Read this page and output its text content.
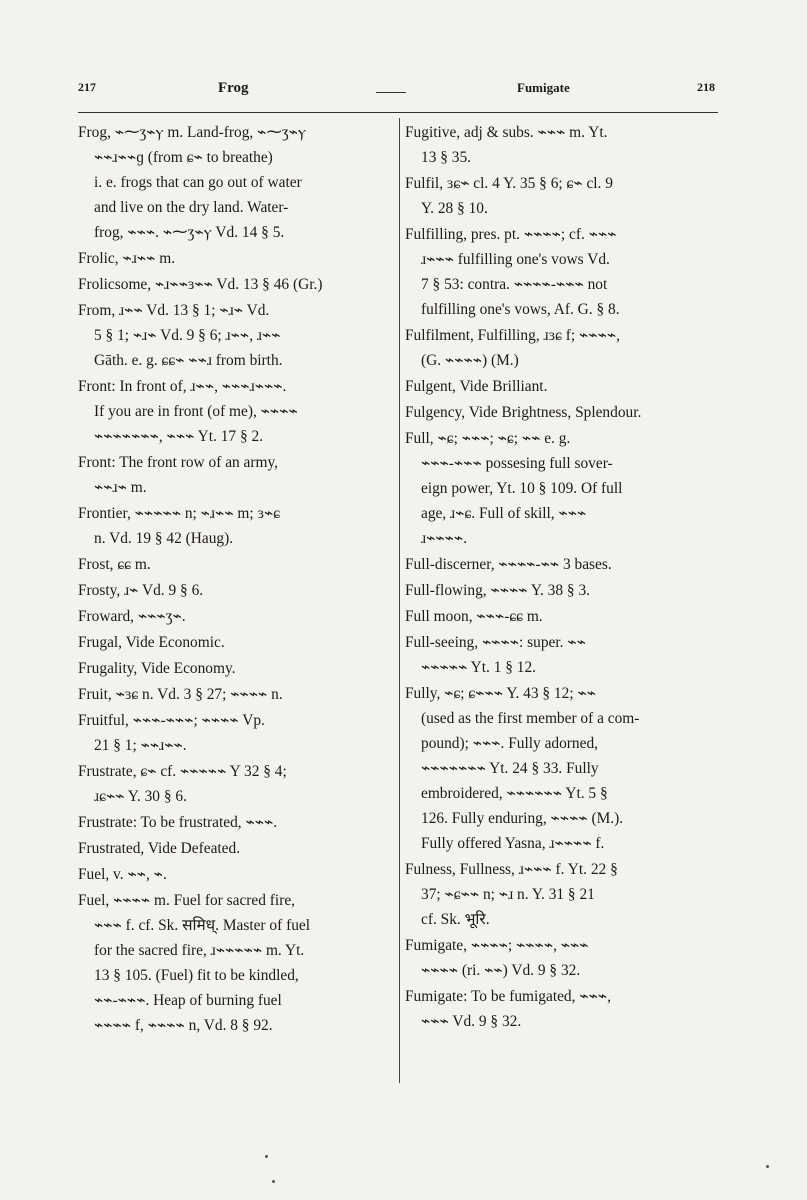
217	Frog	Fumigate	218
Frog, ⌁⁓ʒ⌁ⲩ m. Land-frog, ⌁⁓ʒ⌁ⲩ
⌁⌁ɹ⌁⌁ɡ (from ɕ⌁ to breathe)
i. e. frogs that can go out of water
and live on the dry land. Water-
frog, ⌁⌁⌁. ⌁⁓ʒ⌁ⲩ Vd. 14 § 5.
Frolic, ⌁ɹ⌁⌁ m.
Frolicsome, ⌁ɹ⌁⌁ɜ⌁⌁ Vd. 13 § 46 (Gr.)
From, ɹ⌁⌁ Vd. 13 § 1; ⌁ɹ⌁ Vd.
5 § 1; ⌁ɹ⌁ Vd. 9 § 6; ɹ⌁⌁, ɹ⌁⌁
Gāth. e. g. ɕɕ⌁ ⌁⌁ɹ from birth.
Front: In front of, ɹ⌁⌁, ⌁⌁⌁ɹ⌁⌁⌁.
If you are in front (of me), ⌁⌁⌁⌁
⌁⌁⌁⌁⌁⌁⌁, ⌁⌁⌁ Yt. 17 § 2.
Front: The front row of an army,
⌁⌁ɹ⌁ m.
Frontier, ⌁⌁⌁⌁⌁ n; ⌁ɹ⌁⌁ m; ɜ⌁ɕ
n. Vd. 19 § 42 (Haug).
Frost, ɕɕ m.
Frosty, ɹ⌁ Vd. 9 § 6.
Froward, ⌁⌁⌁ʒ⌁.
Frugal, Vide Economic.
Frugality, Vide Economy.
Fruit, ⌁ɜɕ n. Vd. 3 § 27; ⌁⌁⌁⌁ n.
Fruitful, ⌁⌁⌁-⌁⌁⌁; ⌁⌁⌁⌁ Vp.
21 § 1; ⌁⌁ɹ⌁⌁.
Frustrate, ɕ⌁ cf. ⌁⌁⌁⌁⌁ Y 32 § 4;
ɹɕ⌁⌁ Y. 30 § 6.
Frustrate: To be frustrated, ⌁⌁⌁.
Frustrated, Vide Defeated.
Fuel, v. ⌁⌁, ⌁.
Fuel, ⌁⌁⌁⌁ m. Fuel for sacred fire,
⌁⌁⌁ f. cf. Sk. समिध्. Master of fuel
for the sacred fire, ɹ⌁⌁⌁⌁⌁ m. Yt.
13 § 105. (Fuel) fit to be kindled,
⌁⌁-⌁⌁⌁. Heap of burning fuel
⌁⌁⌁⌁ f, ⌁⌁⌁⌁ n, Vd. 8 § 92.
Fugitive, adj & subs. ⌁⌁⌁ m. Yt.
13 § 35.
Fulfil, ɜɕ⌁ cl. 4 Y. 35 § 6; ɕ⌁ cl. 9
Y. 28 § 10.
Fulfilling, pres. pt. ⌁⌁⌁⌁; cf. ⌁⌁⌁
ɹ⌁⌁⌁ fulfilling one's vows Vd.
7 § 53: contra. ⌁⌁⌁⌁-⌁⌁⌁ not
fulfilling one's vows, Af. G. § 8.
Fulfilment, Fulfilling, ɹɜɕ f; ⌁⌁⌁⌁,
(G. ⌁⌁⌁⌁) (M.)
Fulgent, Vide Brilliant.
Fulgency, Vide Brightness, Splendour.
Full, ⌁ɕ; ⌁⌁⌁; ⌁ɕ; ⌁⌁ e. g.
⌁⌁⌁-⌁⌁⌁ possesing full sover-
eign power, Yt. 10 § 109. Of full
age, ɹ⌁ɕ. Full of skill, ⌁⌁⌁
ɹ⌁⌁⌁⌁.
Full-discerner, ⌁⌁⌁⌁-⌁⌁ 3 bases.
Full-flowing, ⌁⌁⌁⌁ Y. 38 § 3.
Full moon, ⌁⌁⌁-ɕɕ m.
Full-seeing, ⌁⌁⌁⌁: super. ⌁⌁
⌁⌁⌁⌁⌁ Yt. 1 § 12.
Fully, ⌁ɕ; ɕ⌁⌁⌁ Y. 43 § 12; ⌁⌁
(used as the first member of a com-
pound); ⌁⌁⌁. Fully adorned,
⌁⌁⌁⌁⌁⌁⌁ Yt. 24 § 33. Fully
embroidered, ⌁⌁⌁⌁⌁⌁ Yt. 5 §
126. Fully enduring, ⌁⌁⌁⌁ (M.).
Fully offered Yasna, ɹ⌁⌁⌁⌁ f.
Fulness, Fullness, ɹ⌁⌁⌁ f. Yt. 22 §
37; ⌁ɕ⌁⌁ n; ⌁ɹ n. Y. 31 § 21
cf. Sk. भूरि.
Fumigate, ⌁⌁⌁⌁; ⌁⌁⌁⌁, ⌁⌁⌁
⌁⌁⌁⌁ (ri. ⌁⌁) Vd. 9 § 32.
Fumigate: To be fumigated, ⌁⌁⌁,
⌁⌁⌁ Vd. 9 § 32.
